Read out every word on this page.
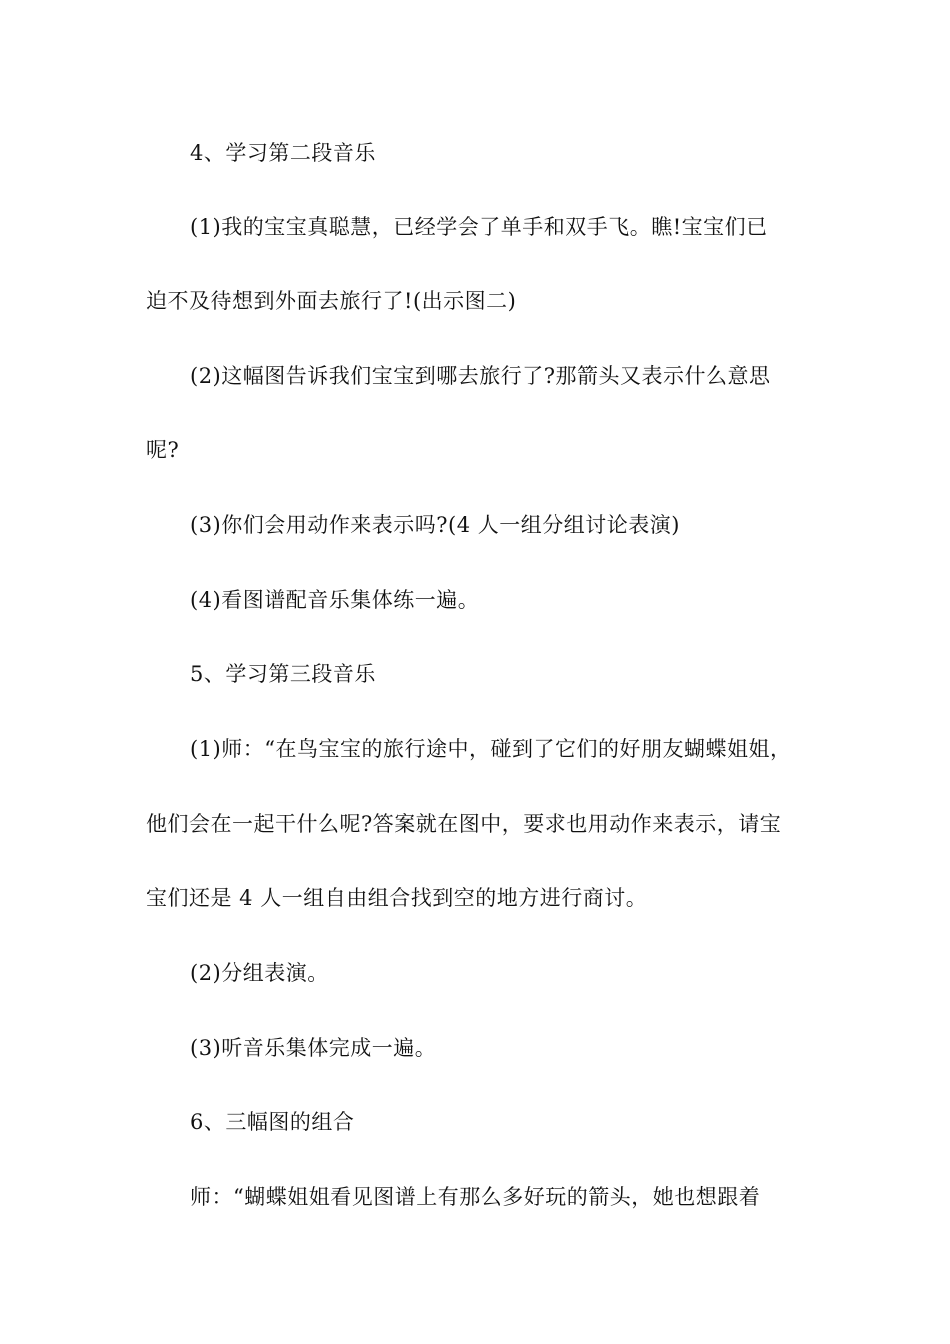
4、学习第二段音乐
(1)我的宝宝真聪慧，已经学会了单手和双手飞。瞧!宝宝们已
迫不及待想到外面去旅行了!(出示图二)
(2)这幅图告诉我们宝宝到哪去旅行了?那箭头又表示什么意思
呢?
(3)你们会用动作来表示吗?(4 人一组分组讨论表演)
(4)看图谱配音乐集体练一遍。
5、学习第三段音乐
(1)师：“在鸟宝宝的旅行途中，碰到了它们的好朋友蝴蝶姐姐，
他们会在一起干什么呢?答案就在图中，要求也用动作来表示，请宝
宝们还是 4 人一组自由组合找到空的地方进行商讨。
(2)分组表演。
(3)听音乐集体完成一遍。
6、三幅图的组合
师：“蝴蝶姐姐看见图谱上有那么多好玩的箭头，她也想跟着
